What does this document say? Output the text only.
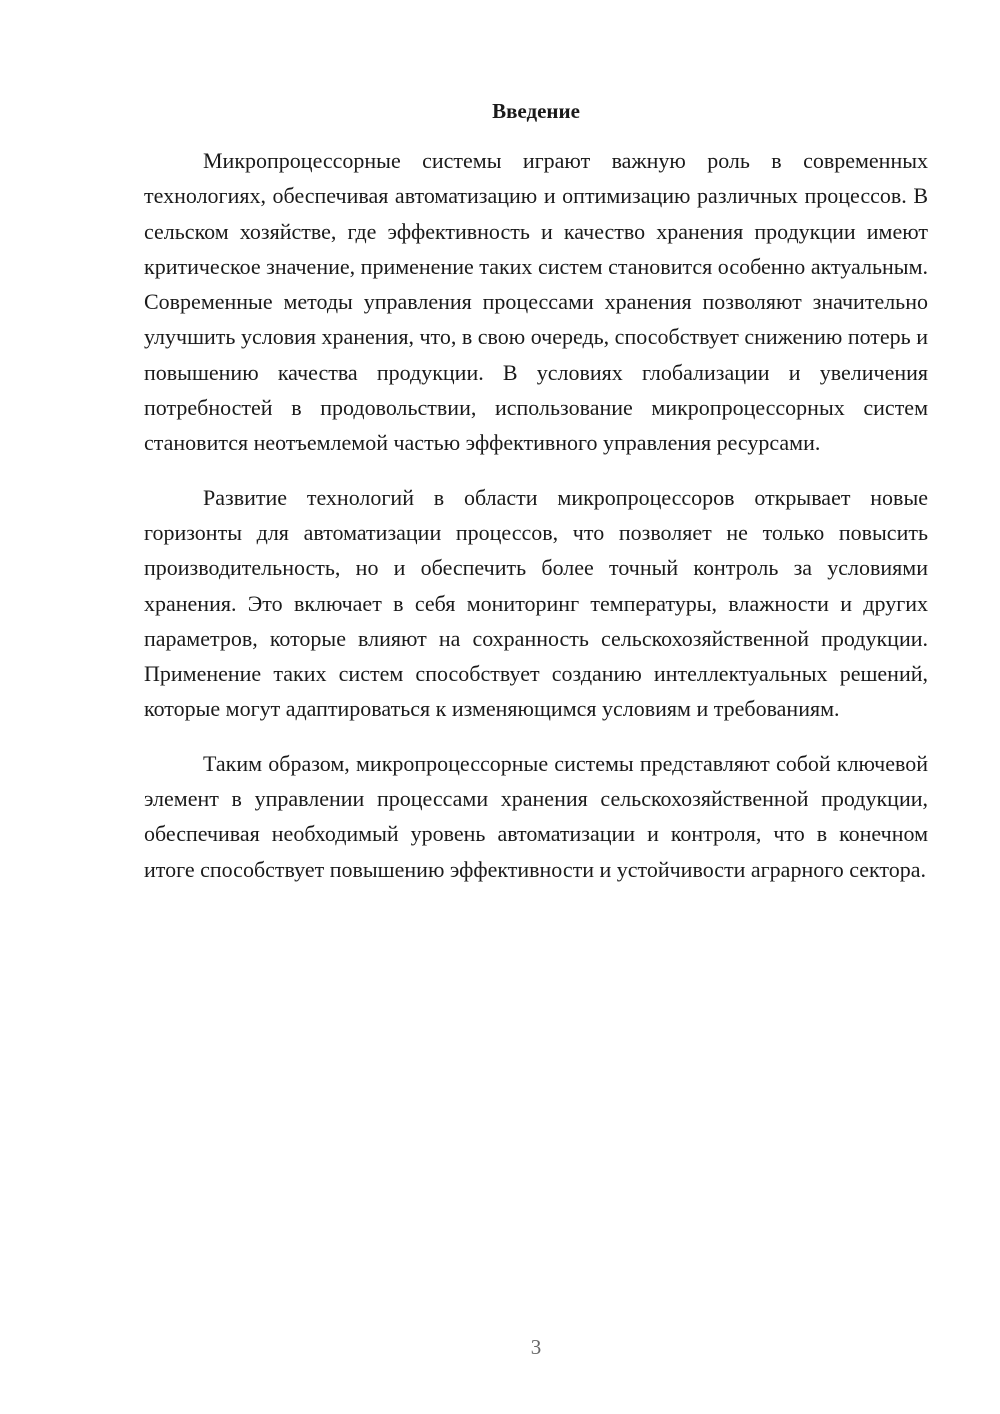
Введение

Микропроцессорные системы играют важную роль в современных технологиях, обеспечивая автоматизацию и оптимизацию различных процессов. В сельском хозяйстве, где эффективность и качество хранения продукции имеют критическое значение, применение таких систем становится особенно актуальным. Современные методы управления процессами хранения позволяют значительно улучшить условия хранения, что, в свою очередь, способствует снижению потерь и повышению качества продукции. В условиях глобализации и увеличения потребностей в продовольствии, использование микропроцессорных систем становится неотъемлемой частью эффективного управления ресурсами.

Развитие технологий в области микропроцессоров открывает новые горизонты для автоматизации процессов, что позволяет не только повысить производительность, но и обеспечить более точный контроль за условиями хранения. Это включает в себя мониторинг температуры, влажности и других параметров, которые влияют на сохранность сельскохозяйственной продукции. Применение таких систем способствует созданию интеллектуальных решений, которые могут адаптироваться к изменяющимся условиям и требованиям.

Таким образом, микропроцессорные системы представляют собой ключевой элемент в управлении процессами хранения сельскохозяйственной продукции, обеспечивая необходимый уровень автоматизации и контроля, что в конечном итоге способствует повышению эффективности и устойчивости аграрного сектора.

3
